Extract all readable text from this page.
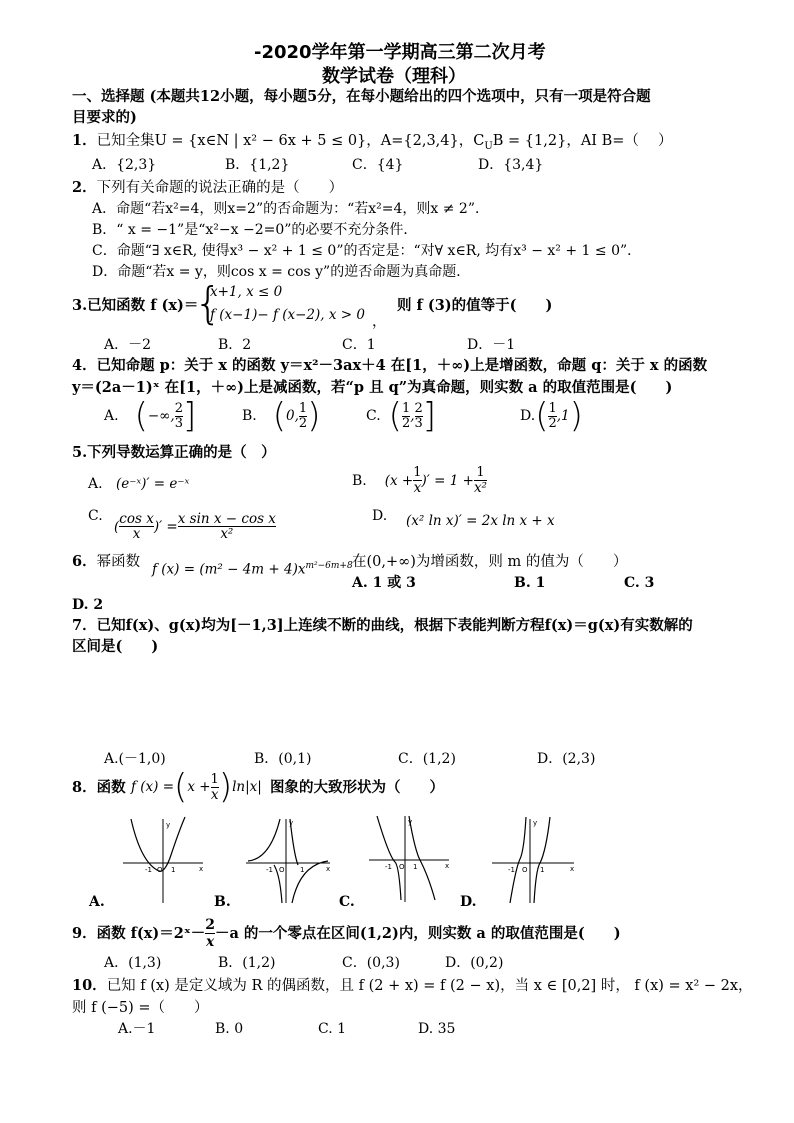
-2020学年第一学期高三第二次月考
数学试卷（理科）
一、选择题 (本题共12小题，每小题5分，在每小题给出的四个选项中，只有一项是符合题
目要求的)
1．已知全集U = {x∈N | x² − 6x + 5 ≤ 0}，A={2,3,4}，$C_UB = \{1,2\}$，AI B=（　 ）
A．{2,3}	B．{1,2}	C．{4}	D．{3,4}
2．下列有关命题的说法正确的是（　　）
A．命题“若x²=4，则x=2”的否命题为：“若x²=4，则x ≠ 2”．
B．“ x = −1”是“x²−x −2=0”的必要不充分条件．
C．命题“∃ x∈R, 使得x³ − x² + 1 ≤ 0”的否定是：“对∀ x∈R, 均有x³ − x² + 1 ≤ 0”．
D．命题“若x = y，则cos x = cos y”的逆否命题为真命题．
3.已知函数 f (x)＝
{
x+1, x ≤ 0
f (x−1)− f (x−2), x > 0 ，
则 f (3)的值等于(　　)
A．－2	B．2	C．1	D．－1
4．已知命题 p：关于 x 的函数 y＝x²－3ax＋4 在[1，＋∞)上是增函数，命题 q：关于 x 的函数
y＝(2a－1)ˣ 在[1，＋∞)上是减函数，若“p 且 q”为真命题，则实数 a 的取值范围是(　　)
A. ( −∞, $\frac{2}{3}$ ]	B. ( 0, $\frac{1}{2}$ )	C. ( $\frac{1}{2}$ , $\frac{2}{3}$ ]	D. ( $\frac{1}{2} ,1$ )
5.下列导数运算正确的是（　）
A. (e⁻ˣ)′ = e⁻ˣ	B. ($x + \frac{1}{x}$ )′ = $1 + \frac{1}{\text{x²}}$
C.
( $\frac{\text{cos x}}{x}$ )′ = $\frac{\text{x sin x − cos x}}{\text{x²}}$	D. (x² ln x)′ = 2x ln x + x
6．幂函数 f $(x) = (m^2 - 4m + 4)x^{m^2-6m+8}$ 在(0,+∞)为增函数，则 m 的值为（　　）
A. 1 或 3	B. 1	C. 3
D. 2
7．已知f(x)、g(x)均为[－1,3]上连续不断的曲线，根据下表能判断方程f(x)＝g(x)有实数解的
区间是(　　)
A.(－1,0)	B．(0,1)	C．(1,2)	D．(2,3)
8．函数 f (x) = ( $x + \frac{1}{x}$ ) ln|x| 图象的大致形状为（　　）
y
x
-1 O 1
y
x
-1 O 1
y
x
-1 O 1
y
x
-1 O 1
A.	B.	C.	D.
9． 函数 f(x)＝2ˣ－ $\frac{2}{x} -a$ 的一个零点在区间(1,2)内，则实数 a 的取值范围是(　　)
A．(1,3)	B．(1,2)	C．(0,3)	D．(0,2)
10．已知 f (x) 是定义域为 R 的偶函数，且 f (2 + x) = f (2 − x)，当 x ∈ [0,2] 时， f (x) = x² − 2x，
则 f (−5) =（　　）
A.－1	B. 0	C. 1	D. 35
